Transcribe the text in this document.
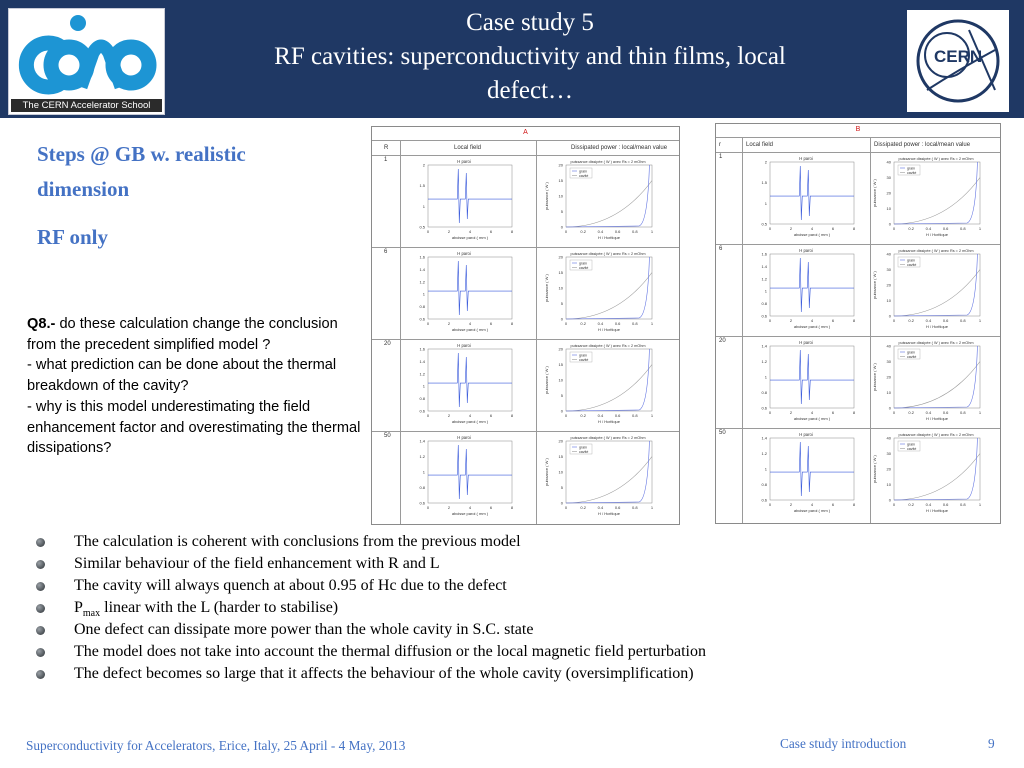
The CERN Accelerator School
Case study 5
RF cavities: superconductivity and thin films, local
defect…
CERN
Steps @ GB w. realistic
dimension
RF only
Q8.- do these calculation change the conclusion from the precedent simplified model ?
- what prediction can be done about the thermal breakdown of the cavity?
- why is this model underestimating the field enhancement factor and overestimating the thermal dissipations?
A
R	Local field	Dissipated power : local/mean value
1	H paroi
0.5
1
1.5
2
0	2	4	6	8
abcisse paroi ( mm )
puissance dissipée ( W ) avec Rs = 2 mOhm
0
5
10
15
20
0	0.2	0.4	0.6	0.8	1
H / Hcritique
puissance ( W )
grain
cavité
6	H paroi
0.6
0.8
1
1.2
1.4
1.6
0	2	4	6	8
abcisse paroi ( mm )
puissance dissipée ( W ) avec Rs = 2 mOhm
0
5
10
15
20
0	0.2	0.4	0.6	0.8	1
H / Hcritique
puissance ( W )
grain
cavité
20	H paroi
0.6
0.8
1
1.2
1.4
1.6
0	2	4	6	8
abcisse paroi ( mm )
puissance dissipée ( W ) avec Rs = 2 mOhm
0
5
10
15
20
0	0.2	0.4	0.6	0.8	1
H / Hcritique
puissance ( W )
grain
cavité
50	H paroi
0.6
0.8
1
1.2
1.4
0	2	4	6	8
abcisse paroi ( mm )
puissance dissipée ( W ) avec Rs = 2 mOhm
0
5
10
15
20
0	0.2	0.4	0.6	0.8	1
H / Hcritique
puissance ( W )
grain
cavité
B
r	Local field	Dissipated power : local/mean value
1	H paroi
0.5
1
1.5
2
0	2	4	6	8
abcisse paroi ( mm )
puissance dissipée ( W ) avec Rs = 2 mOhm
0
10
20
30
40
0	0.2	0.4	0.6	0.8	1
H / Hcritique
puissance ( W )
grain
cavité
6	H paroi
0.6
0.8
1
1.2
1.4
1.6
0	2	4	6	8
abcisse paroi ( mm )
puissance dissipée ( W ) avec Rs = 2 mOhm
0
10
20
30
40
0	0.2	0.4	0.6	0.8	1
H / Hcritique
puissance ( W )
grain
cavité
20	H paroi
0.6
0.8
1
1.2
1.4
0	2	4	6	8
abcisse paroi ( mm )
puissance dissipée ( W ) avec Rs = 2 mOhm
0
10
20
30
40
0	0.2	0.4	0.6	0.8	1
H / Hcritique
puissance ( W )
grain
cavité
50	H paroi
0.6
0.8
1
1.2
1.4
0	2	4	6	8
abcisse paroi ( mm )
puissance dissipée ( W ) avec Rs = 2 mOhm
0
10
20
30
40
0	0.2	0.4	0.6	0.8	1
H / Hcritique
puissance ( W )
grain
cavité
The calculation is coherent with conclusions from the previous model
Similar behaviour of the field enhancement with R and L
The cavity will always quench at about 0.95 of Hc due to the defect
$P_{max}$ linear with the L (harder to stabilise)
One defect can dissipate more power than the whole cavity in S.C. state
The model does not take into account the thermal diffusion or the local magnetic field perturbation
The defect becomes so large that it affects the behaviour of the whole cavity (oversimplification)
Superconductivity for Accelerators, Erice, Italy, 25 April - 4 May, 2013	Case study introduction	9
